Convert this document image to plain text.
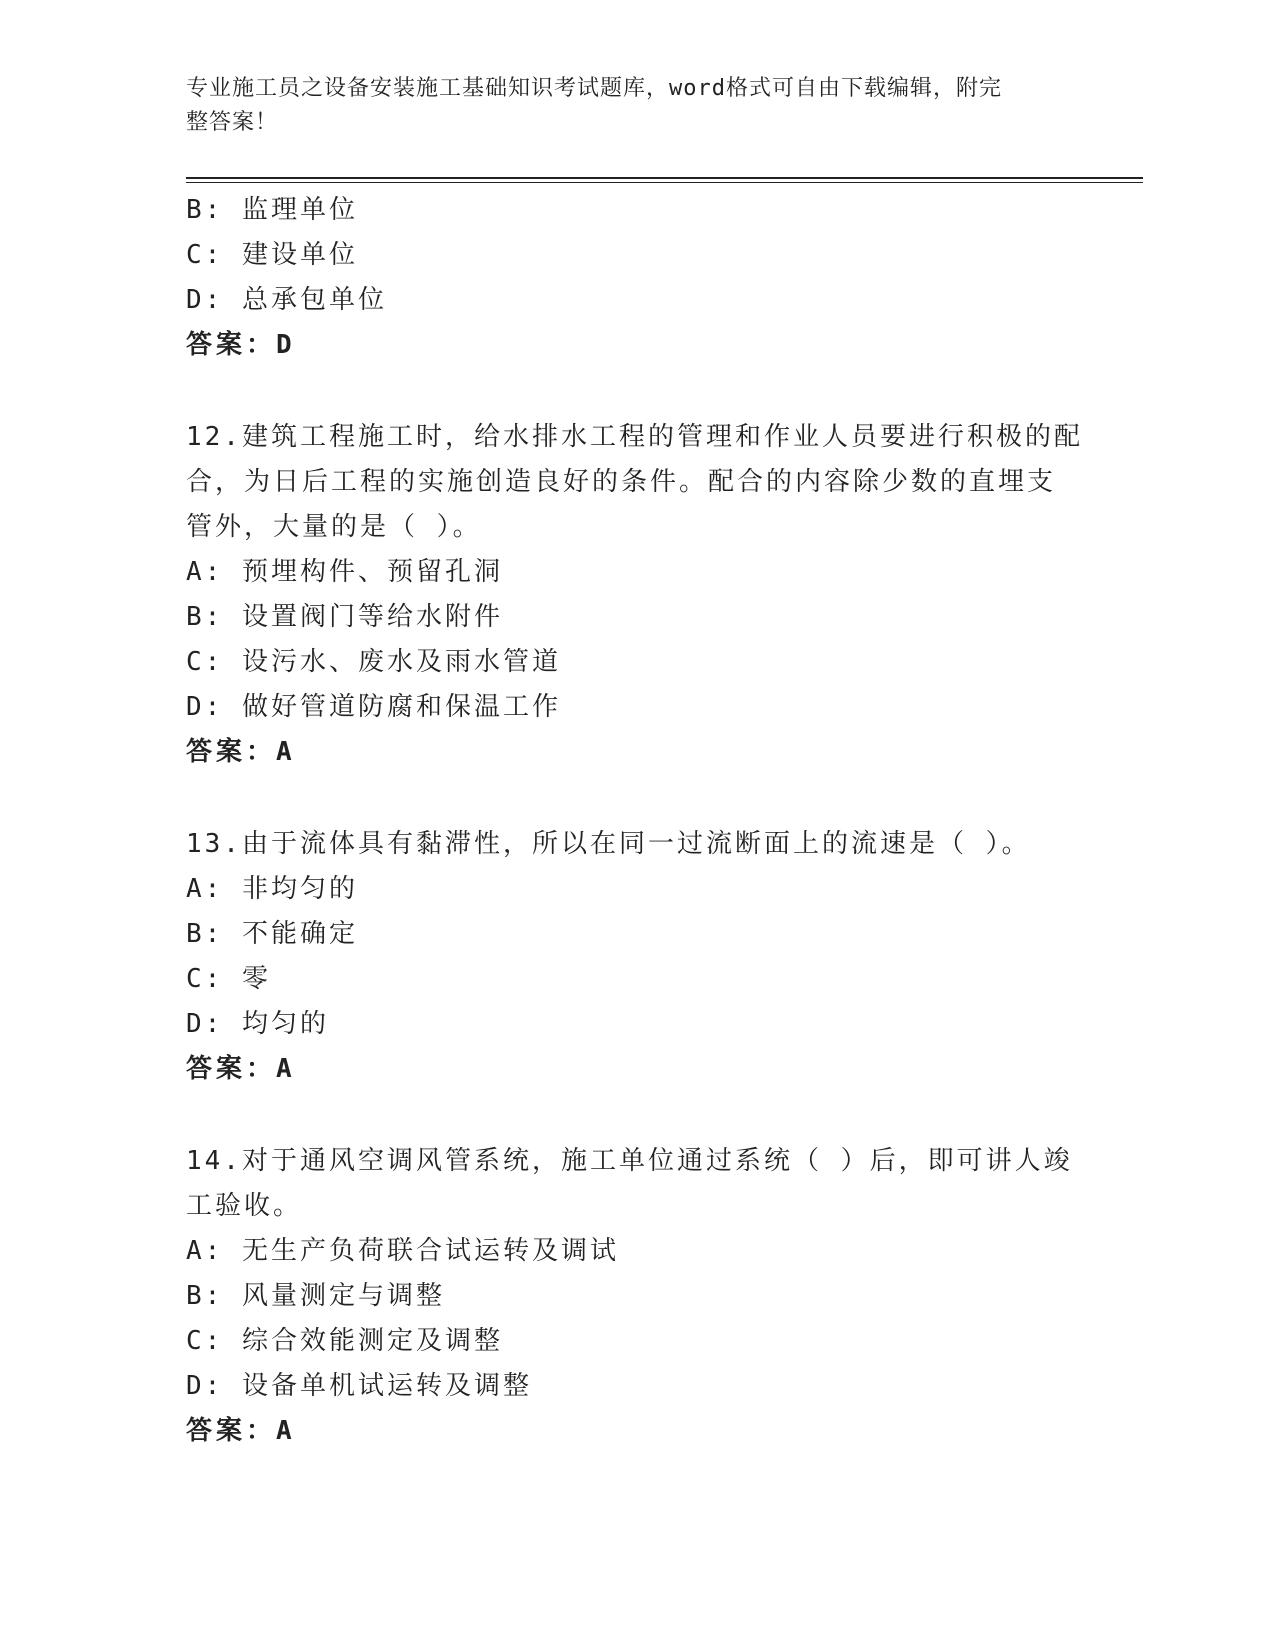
专业施工员之设备安装施工基础知识考试题库，word格式可自由下载编辑，附完
整答案！
B: 监理单位
C: 建设单位
D: 总承包单位
答案：D
12.建筑工程施工时，给水排水工程的管理和作业人员要进行积极的配
合，为日后工程的实施创造良好的条件。配合的内容除少数的直埋支
管外，大量的是（ ）。
A: 预埋构件、预留孔洞
B: 设置阀门等给水附件
C: 设污水、废水及雨水管道
D: 做好管道防腐和保温工作
答案：A
13.由于流体具有黏滞性，所以在同一过流断面上的流速是（ ）。
A: 非均匀的
B: 不能确定
C: 零
D: 均匀的
答案：A
14.对于通风空调风管系统，施工单位通过系统（ ）后，即可讲人竣
工验收。
A: 无生产负荷联合试运转及调试
B: 风量测定与调整
C: 综合效能测定及调整
D: 设备单机试运转及调整
答案：A
